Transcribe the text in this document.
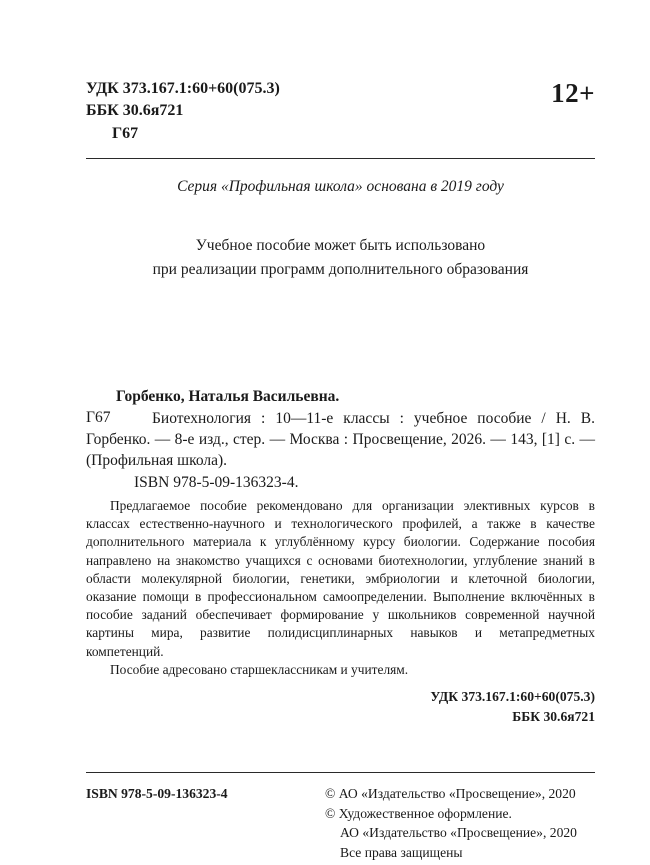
УДК 373.167.1:60+60(075.3)
ББК 30.6я721
Г67
12+
Серия «Профильная школа» основана в 2019 году
Учебное пособие может быть использовано
при реализации программ дополнительного образования
Горбенко, Наталья Васильевна.
Г67	Биотехнология : 10—11-е классы : учебное пособие / Н. В. Горбенко. — 8-е изд., стер. — Москва : Просвещение, 2026. — 143, [1] с. — (Профильная школа).
ISBN 978-5-09-136323-4.
Предлагаемое пособие рекомендовано для организации элективных курсов в классах естественно-научного и технологического профилей, а также в качестве дополнительного материала к углублённому курсу биологии. Содержание пособия направлено на знакомство учащихся с основами биотехнологии, углубление знаний в области молекулярной биологии, генетики, эмбриологии и клеточной биологии, оказание помощи в профессиональном самоопределении. Выполнение включённых в пособие заданий обеспечивает формирование у школьников современной научной картины мира, развитие полидисциплинарных навыков и метапредметных компетенций.
Пособие адресовано старшеклассникам и учителям.
УДК 373.167.1:60+60(075.3)
ББК 30.6я721
ISBN 978-5-09-136323-4	© АО «Издательство «Просвещение», 2020
© Художественное оформление.
АО «Издательство «Просвещение», 2020
Все права защищены
